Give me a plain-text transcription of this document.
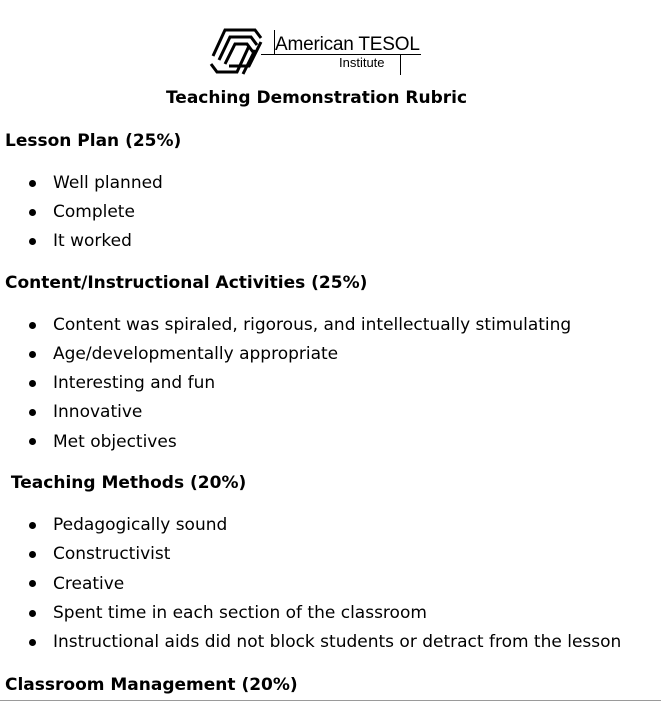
American TESOL
Institute
Teaching Demonstration Rubric
Lesson Plan (25%)
Well planned
Complete
It worked
Content/Instructional Activities (25%)
Content was spiraled, rigorous, and intellectually stimulating
Age/developmentally appropriate
Interesting and fun
Innovative
Met objectives
Teaching Methods (20%)
Pedagogically sound
Constructivist
Creative
Spent time in each section of the classroom
Instructional aids did not block students or detract from the lesson
Classroom Management (20%)
